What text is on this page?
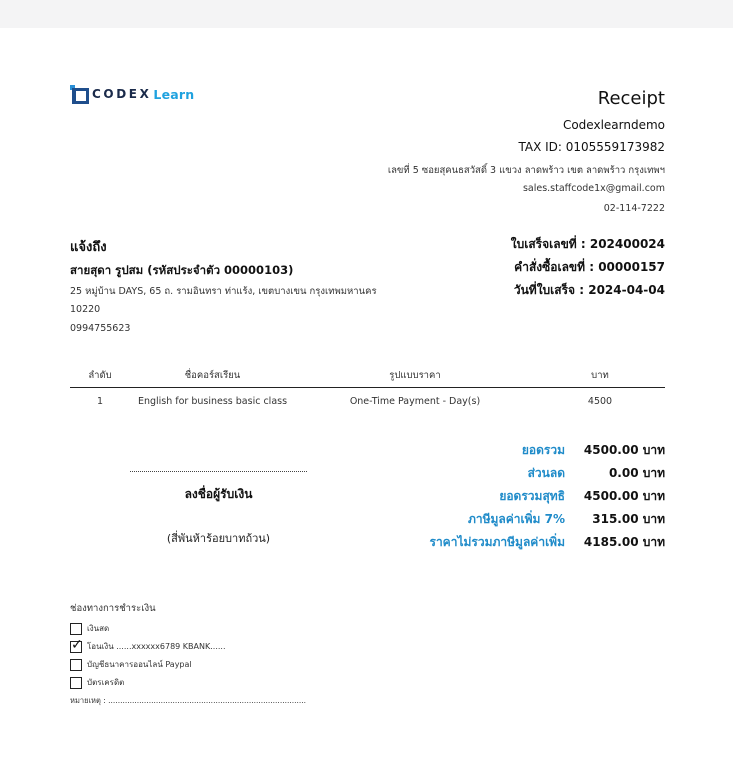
CODEX Learn	Receipt
Codexlearndemo
TAX ID: 0105559173982
เลขที่ 5 ซอยสุคนธสวัสดิ์ 3 แขวง ลาดพร้าว เขต ลาดพร้าว กรุงเทพฯ
sales.staffcode1x@gmail.com
02-114-7222
แจ้งถึง
สายสุดา รูปสม (รหัสประจำตัว 00000103)
25 หมู่บ้าน DAYS, 65 ถ. รามอินทรา ท่าแร้ง, เขตบางเขน กรุงเทพมหานคร
10220
0994755623
ใบเสร็จเลขที่ : 202400024
คำสั่งซื้อเลขที่ : 00000157
วันที่ใบเสร็จ : 2024-04-04
ลำดับ	ชื่อคอร์สเรียน	รูปแบบราคา	บาท
1	English for business basic class	One-Time Payment - Day(s)	4500
ยอดรวม	4500.00 บาท
ส่วนลด	0.00 บาท
ยอดรวมสุทธิ	4500.00 บาท
ภาษีมูลค่าเพิ่ม 7%	315.00 บาท
ราคาไม่รวมภาษีมูลค่าเพิ่ม	4185.00 บาท
ลงชื่อผู้รับเงิน
(สี่พันห้าร้อยบาทถ้วน)
ช่องทางการชำระเงิน
เงินสด
✓ โอนเงิน ......xxxxxx6789 KBANK......
บัญชีธนาคารออนไลน์ Paypal
บัตรเครดิต
หมายเหตุ : ...................................................................................
